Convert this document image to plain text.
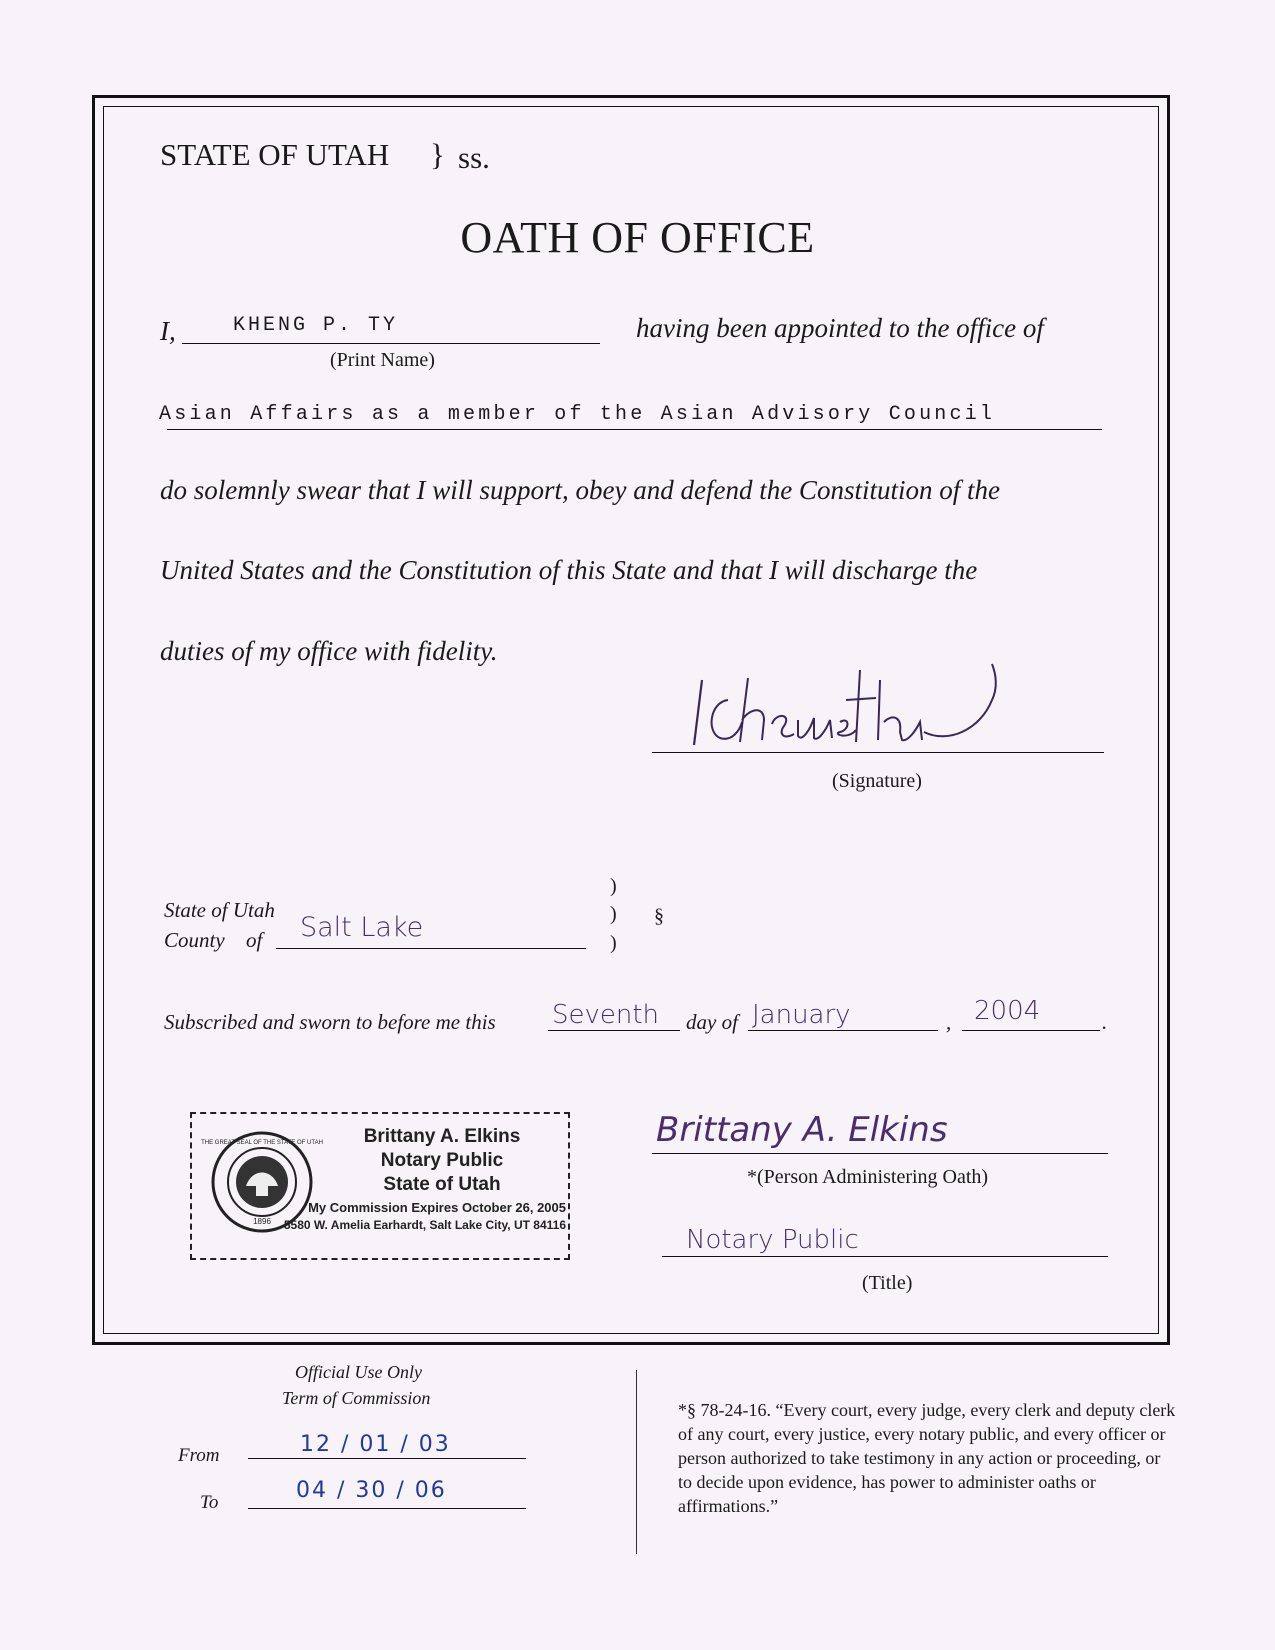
STATE OF UTAH } ss.
OATH OF OFFICE
I,	KHENG P. TY
(Print Name)
having been appointed to the office of
Asian Affairs as a member of the Asian Advisory Council
do solemnly swear that I will support, obey and defend the Constitution of the
United States and the Constitution of this State and that I will discharge the
duties of my office with fidelity.
(Signature)
State of Utah
County of Salt Lake
)
)
)
§
Subscribed and sworn to before me this Seventh day of January	, 2004	.
1896
THE GREAT SEAL OF THE STATE OF UTAH	Brittany A. Elkins
Notary Public
State of Utah
My Commission Expires October 26, 2005
5580 W. Amelia Earhardt, Salt Lake City, UT 84116
Brittany A. Elkins
*(Person Administering Oath)
Notary Public
(Title)
Official Use Only
Term of Commission
From	12 / 01 / 03
To	04 / 30 / 06
*§ 78-24-16. “Every court, every judge, every clerk and deputy clerk of any court, every justice, every notary public, and every officer or person authorized to take testimony in any action or proceeding, or to decide upon evidence, has power to administer oaths or affirmations.”
